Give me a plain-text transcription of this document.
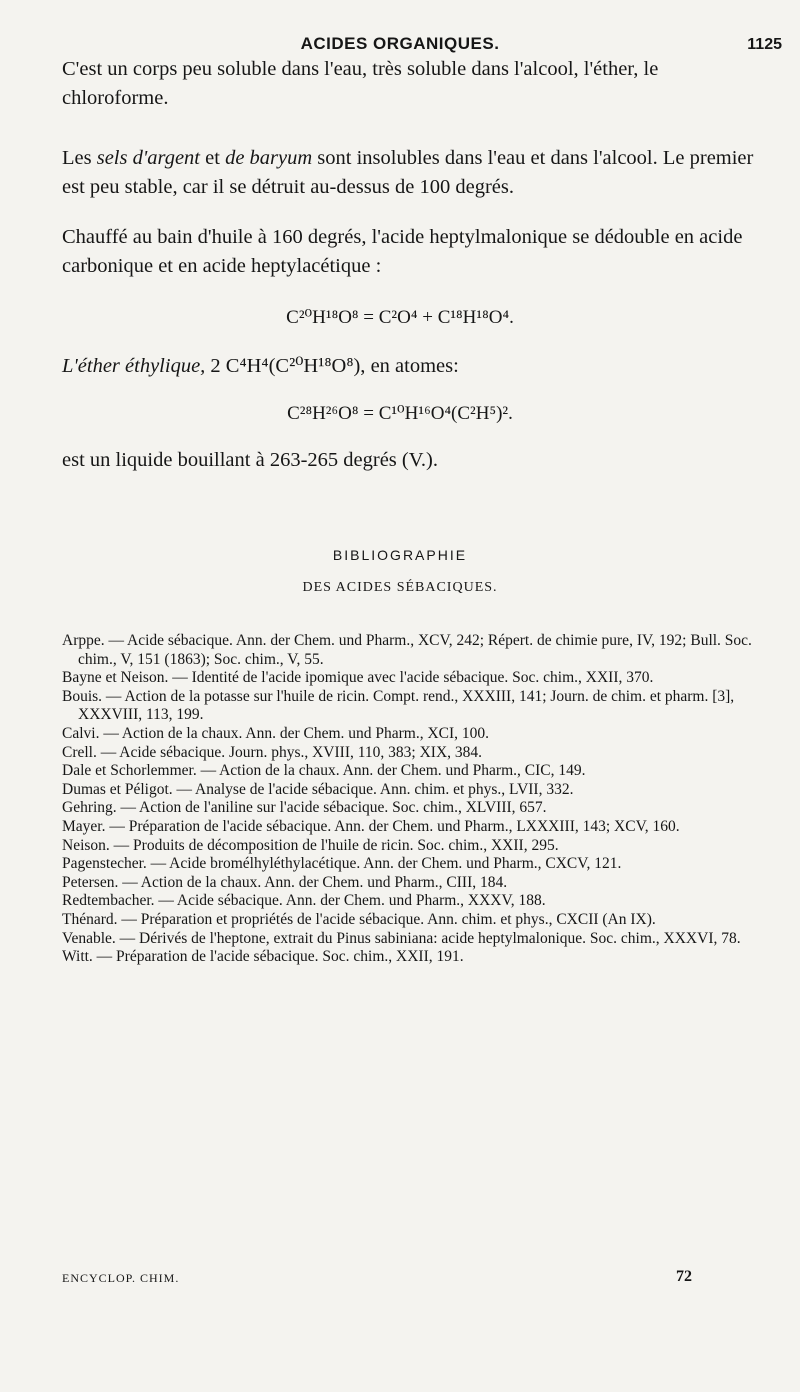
ACIDES ORGANIQUES.	1125

C'est un corps peu soluble dans l'eau, très soluble dans l'alcool, l'éther, le chloroforme.

Les sels d'argent et de baryum sont insolubles dans l'eau et dans l'alcool. Le premier est peu stable, car il se détruit au-dessus de 100 degrés.

Chauffé au bain d'huile à 160 degrés, l'acide heptylmalonique se dédouble en acide carbonique et en acide heptylacétique :

C²⁰H¹⁸O⁸ = C²O⁴ + C¹⁸H¹⁸O⁴.

L'éther éthylique, 2 C⁴H⁴(C²⁰H¹⁸O⁸), en atomes:

C²⁸H²⁶O⁸ = C¹⁰H¹⁶O⁴(C²H⁵)².

est un liquide bouillant à 263-265 degrés (V.).

BIBLIOGRAPHIE
DES ACIDES SÉBACIQUES.
Arppe. — Acide sébacique. Ann. der Chem. und Pharm., XCV, 242; Répert. de chimie pure, IV, 192; Bull. Soc. chim., V, 151 (1863); Soc. chim., V, 55.
Bayne et Neison. — Identité de l'acide ipomique avec l'acide sébacique. Soc. chim., XXII, 370.
Bouis. — Action de la potasse sur l'huile de ricin. Compt. rend., XXXIII, 141; Journ. de chim. et pharm. [3], XXXVIII, 113, 199.
Calvi. — Action de la chaux. Ann. der Chem. und Pharm., XCI, 100.
Crell. — Acide sébacique. Journ. phys., XVIII, 110, 383; XIX, 384.
Dale et Schorlemmer. — Action de la chaux. Ann. der Chem. und Pharm., CIC, 149.
Dumas et Péligot. — Analyse de l'acide sébacique. Ann. chim. et phys., LVII, 332.
Gehring. — Action de l'aniline sur l'acide sébacique. Soc. chim., XLVIII, 657.
Mayer. — Préparation de l'acide sébacique. Ann. der Chem. und Pharm., LXXXIII, 143; XCV, 160.
Neison. — Produits de décomposition de l'huile de ricin. Soc. chim., XXII, 295.
Pagenstecher. — Acide bromélhyléthylacétique. Ann. der Chem. und Pharm., CXCV, 121.
Petersen. — Action de la chaux. Ann. der Chem. und Pharm., CIII, 184.
Redtembacher. — Acide sébacique. Ann. der Chem. und Pharm., XXXV, 188.
Thénard. — Préparation et propriétés de l'acide sébacique. Ann. chim. et phys., CXCII (An IX).
Venable. — Dérivés de l'heptone, extrait du Pinus sabiniana: acide heptylmalonique. Soc. chim., XXXVI, 78.
Witt. — Préparation de l'acide sébacique. Soc. chim., XXII, 191.
ENCYCLOP. CHIM.	72
